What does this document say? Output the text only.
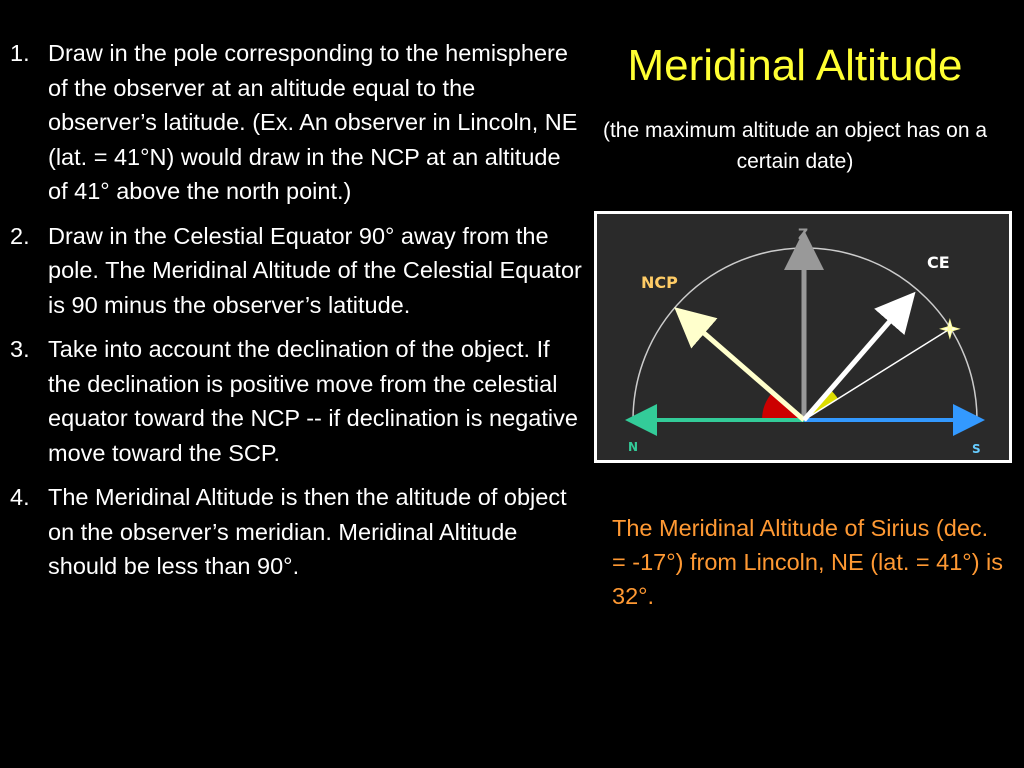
1. Draw in the pole corresponding to the hemisphere of the observer at an altitude equal to the observer’s latitude. (Ex. An observer in Lincoln, NE (lat. = 41°N) would draw in the NCP at an altitude of 41° above the north point.)
2. Draw in the Celestial Equator 90° away from the pole. The Meridinal Altitude of the Celestial Equator is 90 minus the observer’s latitude.
3. Take into account the declination of the object. If the declination is positive move from the celestial equator toward the NCP -- if declination is negative move toward the SCP.
4. The Meridinal Altitude is then the altitude of object on the observer’s meridian. Meridinal Altitude should be less than 90°.
Meridinal Altitude
(the maximum altitude an object has on a certain date)
Z
NCP
CE
N	S
The Meridinal Altitude of Sirius (dec. = -17°) from Lincoln, NE (lat. = 41°) is 32°.
